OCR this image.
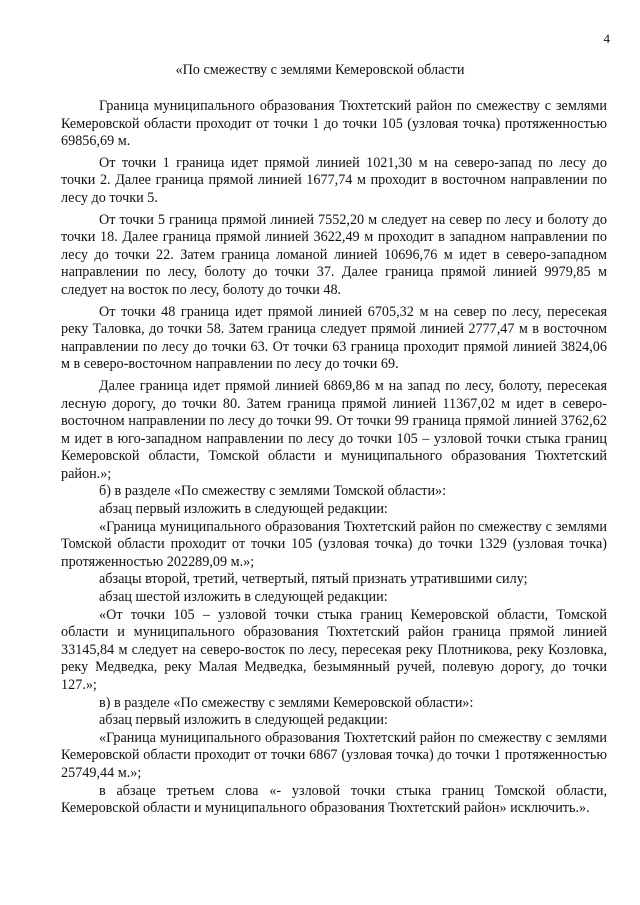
4
«По смежеству с землями Кемеровской области

Граница муниципального образования Тюхтетский район по смежеству с землями Кемеровской области проходит от точки 1 до точки 105 (узловая точка) протяженностью 69856,69 м.

От точки 1 граница идет прямой линией 1021,30 м на северо-запад по лесу до точки 2. Далее граница прямой линией 1677,74 м проходит в восточном направлении по лесу до точки 5.

От точки 5 граница прямой линией 7552,20 м следует на север по лесу и болоту до точки 18. Далее граница прямой линией 3622,49 м проходит в западном направлении по лесу до точки 22. Затем граница ломаной линией 10696,76 м идет в северо-западном направлении по лесу, болоту до точки 37. Далее граница прямой линией 9979,85 м следует на восток по лесу, болоту до точки 48.

От точки 48 граница идет прямой линией 6705,32 м на север по лесу, пересекая реку Таловка, до точки 58. Затем граница следует прямой линией 2777,47 м в восточном направлении по лесу до точки 63. От точки 63 граница проходит прямой линией 3824,06 м в северо-восточном направлении по лесу до точки 69.

Далее граница идет прямой линией 6869,86 м на запад по лесу, болоту, пересекая лесную дорогу, до точки 80. Затем граница прямой линией 11367,02 м идет в северо-восточном направлении по лесу до точки 99. От точки 99 граница прямой линией 3762,62 м идет в юго-западном направлении по лесу до точки 105 – узловой точки стыка границ Кемеровской области, Томской области и муниципального образования Тюхтетский район.»;

б) в разделе «По смежеству с землями Томской области»:

абзац первый изложить в следующей редакции:

«Граница муниципального образования Тюхтетский район по смежеству с землями Томской области проходит от точки 105 (узловая точка) до точки 1329 (узловая точка) протяженностью 202289,09 м.»;

абзацы второй, третий, четвертый, пятый признать утратившими силу;

абзац шестой изложить в следующей редакции:

«От точки 105 – узловой точки стыка границ Кемеровской области, Томской области и муниципального образования Тюхтетский район граница прямой линией 33145,84 м следует на северо-восток по лесу, пересекая реку Плотникова, реку Козловка, реку Медведка, реку Малая Медведка, безымянный ручей, полевую дорогу, до точки 127.»;

в) в разделе «По смежеству с землями Кемеровской области»:

абзац первый изложить в следующей редакции:

«Граница муниципального образования Тюхтетский район по смежеству с землями Кемеровской области проходит от точки 6867 (узловая точка) до точки 1 протяженностью 25749,44 м.»;

в абзаце третьем слова «- узловой точки стыка границ Томской области, Кемеровской области и муниципального образования Тюхтетский район» исключить.».
